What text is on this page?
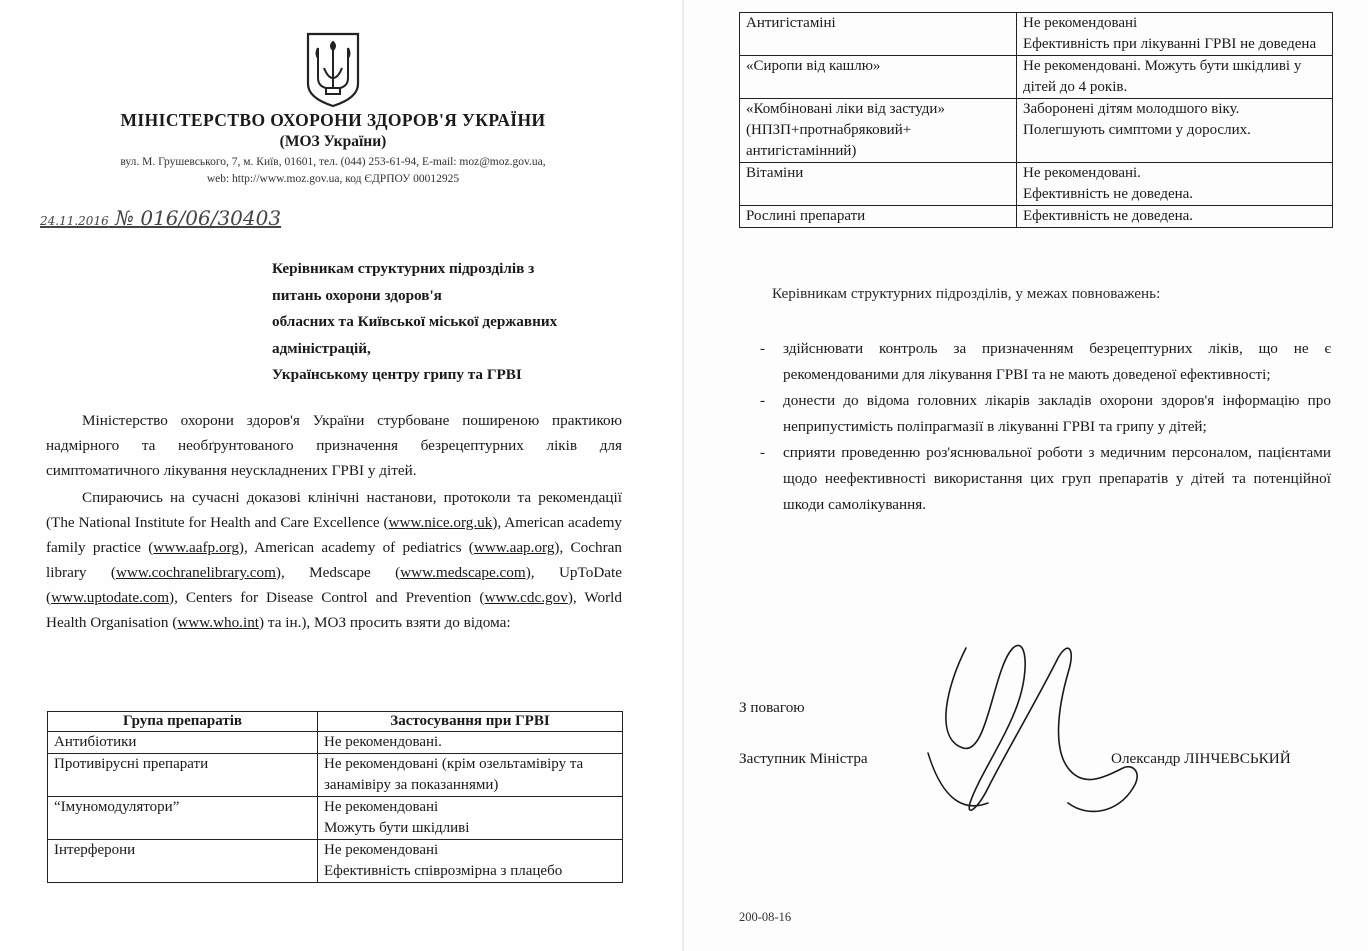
МІНІСТЕРСТВО ОХОРОНИ ЗДОРОВ'Я УКРАЇНИ
(МОЗ України)
вул. М. Грушевського, 7, м. Київ, 01601, тел. (044) 253-61-94, E-mail: moz@moz.gov.ua,
web: http://www.moz.gov.ua, код ЄДРПОУ 00012925
24.11.2016 № 016/06/30403
Керівникам структурних підрозділів з
питань охорони здоров'я
обласних та Київської міської державних
адміністрацій,
Українському центру грипу та ГРВІ

Міністерство охорони здоров'я України стурбоване поширеною практикою надмірного та необґрунтованого призначення безрецептурних ліків для симптоматичного лікування неускладнених ГРВІ у дітей.

Спираючись на сучасні доказові клінічні настанови, протоколи та рекомендації (The National Institute for Health and Care Excellence (www.nice.org.uk), American academy family practice (www.aafp.org), American academy of pediatrics (www.aap.org), Cochran library (www.cochranelibrary.com), Medscape (www.medscape.com), UpToDate (www.uptodate.com), Centers for Disease Control and Prevention (www.cdc.gov), World Health Organisation (www.who.int) та ін.), МОЗ просить взяти до відома:

Група препаратів	Застосування при ГРВІ
Антибіотики	Не рекомендовані.
Противірусні препарати	Не рекомендовані (крім озельтамівіру та занамівіру за показаннями)
“Імуномодулятори”	Не рекомендовані
Можуть бути шкідливі
Інтерферони	Не рекомендовані
Ефективність співрозмірна з плацебо
Антигістаміні	Не рекомендовані
Ефективність при лікуванні ГРВІ не доведена
«Сиропи від кашлю»	Не рекомендовані. Можуть бути шкідливі у дітей до 4 років.
«Комбіновані ліки від застуди» (НПЗП+протнабряковий+ антигістамінний)	Заборонені дітям молодшого віку.
Полегшують симптоми у дорослих.
Вітаміни	Не рекомендовані.
Ефективність не доведена.
Рослині препарати	Ефективність не доведена.
Керівникам структурних підрозділів, у межах повноважень:
- здійснювати контроль за призначенням безрецептурних ліків, що не є рекомендованими для лікування ГРВІ та не мають доведеної ефективності;
- донести до відома головних лікарів закладів охорони здоров'я інформацію про неприпустимість поліпрагмазії в лікуванні ГРВІ та грипу у дітей;
- сприяти проведенню роз'яснювальної роботи з медичним персоналом, пацієнтами щодо неефективності використання цих груп препаратів у дітей та потенційної шкоди самолікування.
З повагою
Заступник Міністра	Олександр ЛІНЧЕВСЬКИЙ
200-08-16
